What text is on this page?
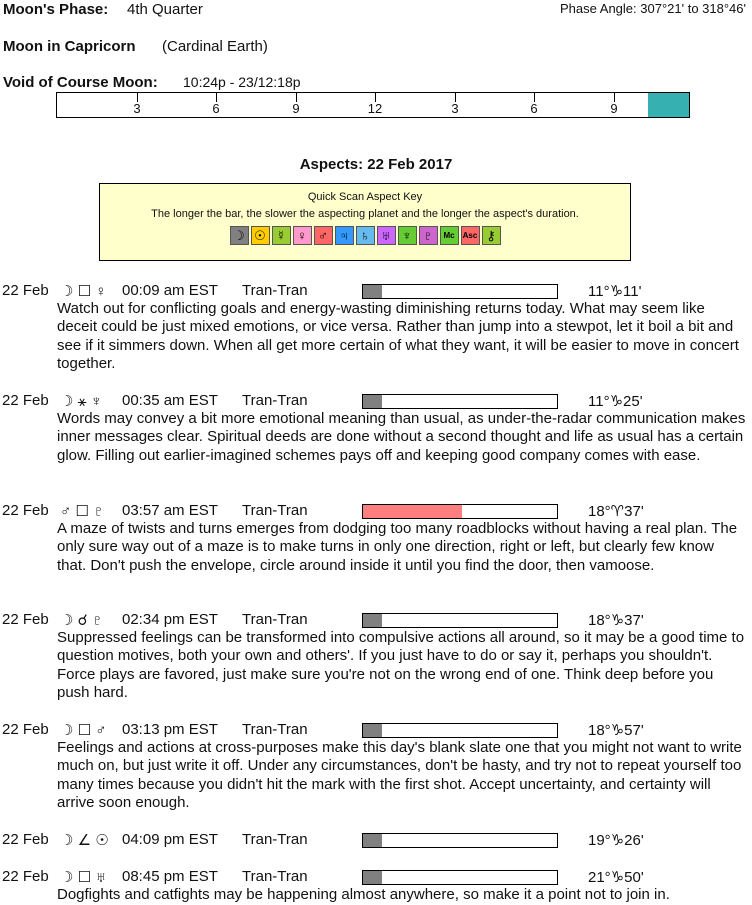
Moon's Phase: 4th Quarter	Phase Angle: 307°21' to 318°46'
Moon in Capricorn (Cardinal Earth)
Void of Course Moon: 10:24p - 23/12:18p
3	6	9	12	3	6	9
Aspects: 22 Feb 2017
Quick Scan Aspect Key
The longer the bar, the slower the aspecting planet and the longer the aspect's duration.
☽ ☉ ☿ ♀ ♂ ♃ ♄ ♅ ♆ ♇	Mc	Asc ⚷
22 Feb ☽ ☐ ♀ 00:09 am EST Tran-Tran	11°♑11'

Watch out for conflicting goals and energy-wasting diminishing returns today. What may seem like deceit could be just mixed emotions, or vice versa. Rather than jump into a stewpot, let it boil a bit and see if it simmers down. When all get more certain of what they want, it will be easier to move in concert together.

22 Feb ☽ ⚹ ♆ 00:35 am EST Tran-Tran	11°♑25'

Words may convey a bit more emotional meaning than usual, as under-the-radar communication makes inner messages clear. Spiritual deeds are done without a second thought and life as usual has a certain glow. Filling out earlier-imagined schemes pays off and keeping good company comes with ease.

22 Feb ♂ ☐ ♇ 03:57 am EST Tran-Tran	18°♈37'

A maze of twists and turns emerges from dodging too many roadblocks without having a real plan. The only sure way out of a maze is to make turns in only one direction, right or left, but clearly few know that. Don't push the envelope, circle around inside it until you find the door, then vamoose.

22 Feb ☽ ☌ ♇ 02:34 pm EST Tran-Tran	18°♑37'

Suppressed feelings can be transformed into compulsive actions all around, so it may be a good time to question motives, both your own and others'. If you just have to do or say it, perhaps you shouldn't. Force plays are favored, just make sure you're not on the wrong end of one. Think deep before you push hard.

22 Feb ☽ ☐ ♂ 03:13 pm EST Tran-Tran	18°♑57'

Feelings and actions at cross-purposes make this day's blank slate one that you might not want to write much on, but just write it off. Under any circumstances, don't be hasty, and try not to repeat yourself too many times because you didn't hit the mark with the first shot. Accept uncertainty, and certainty will arrive soon enough.

22 Feb ☽ ∠ ☉ 04:09 pm EST Tran-Tran	19°♑26'
22 Feb ☽ ☐ ♅ 08:45 pm EST Tran-Tran	21°♑50'

Dogfights and catfights may be happening almost anywhere, so make it a point not to join in.
